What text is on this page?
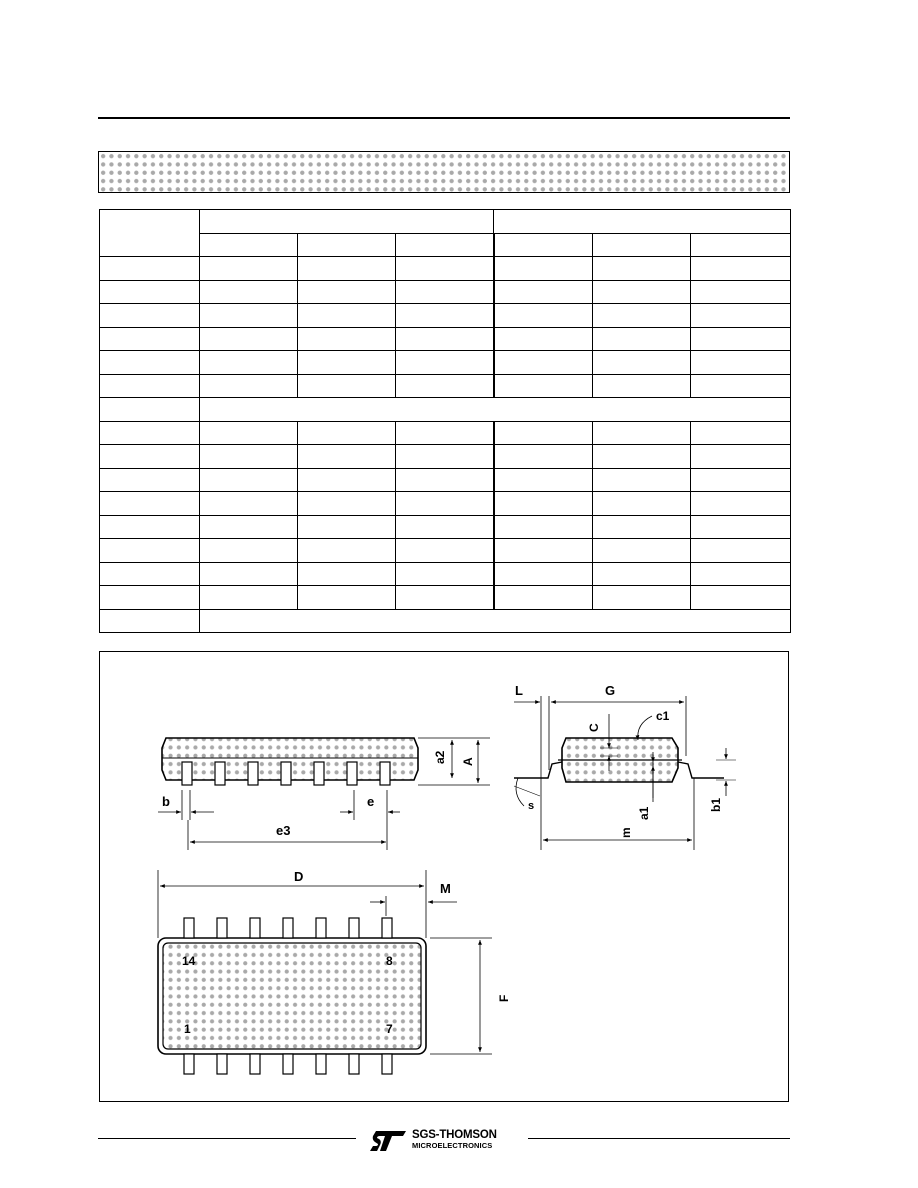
L	G
c1
C
a2 A
b	e
e3
s
a1
b1
m
D
M
F
14	8
1	7
SGS-THOMSON
MICROELECTRONICS
